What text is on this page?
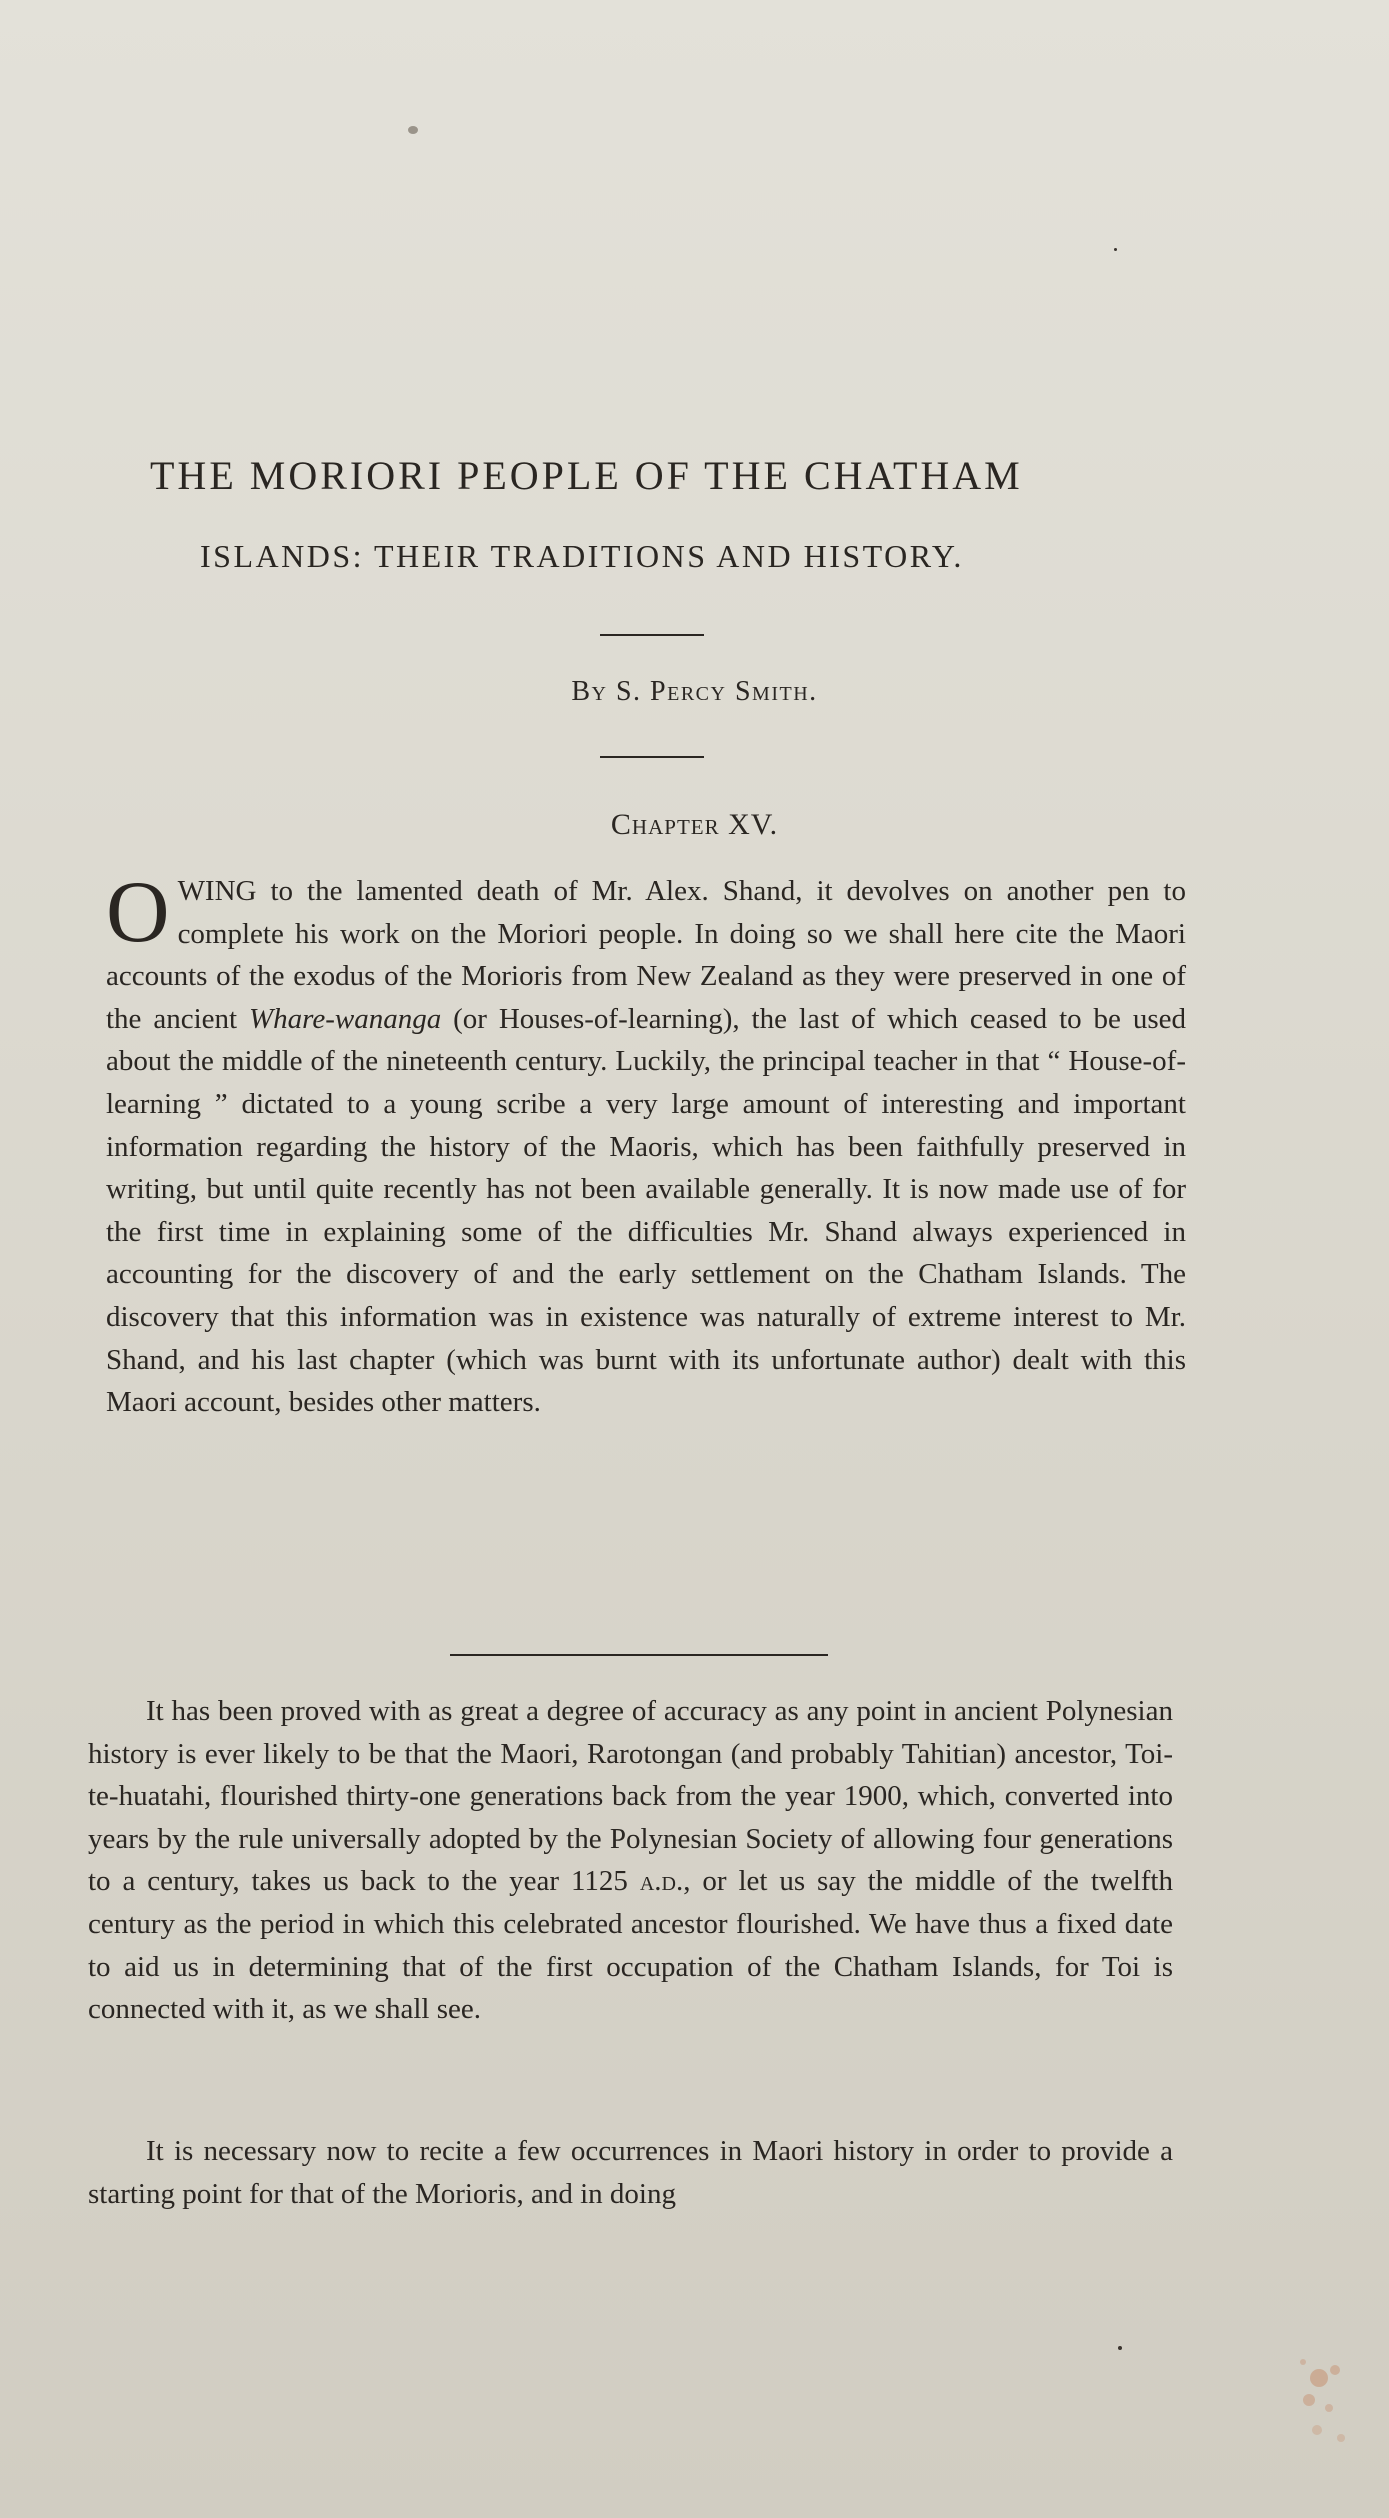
THE MORIORI PEOPLE OF THE CHATHAM
ISLANDS: THEIR TRADITIONS AND HISTORY.
By S. Percy Smith.
Chapter XV.

OWING to the lamented death of Mr. Alex. Shand, it devolves on another pen to complete his work on the Moriori people. In doing so we shall here cite the Maori accounts of the exodus of the Morioris from New Zealand as they were preserved in one of the ancient Whare-wananga (or Houses-of-learning), the last of which ceased to be used about the middle of the nineteenth century. Luckily, the principal teacher in that “ House-of-learning ” dictated to a young scribe a very large amount of interesting and important information regarding the history of the Maoris, which has been faithfully preserved in writing, but until quite recently has not been available generally. It is now made use of for the first time in explaining some of the difficulties Mr. Shand always experienced in accounting for the discovery of and the early settlement on the Chatham Islands. The discovery that this information was in existence was naturally of extreme interest to Mr. Shand, and his last chapter (which was burnt with its unfortunate author) dealt with this Maori account, besides other matters.

It has been proved with as great a degree of accuracy as any point in ancient Polynesian history is ever likely to be that the Maori, Rarotongan (and probably Tahitian) ancestor, Toi-te-huatahi, flourished thirty-one generations back from the year 1900, which, converted into years by the rule universally adopted by the Polynesian Society of allowing four generations to a century, takes us back to the year 1125 a.d., or let us say the middle of the twelfth century as the period in which this celebrated ancestor flourished. We have thus a fixed date to aid us in determining that of the first occupation of the Chatham Islands, for Toi is connected with it, as we shall see.

It is necessary now to recite a few occurrences in Maori history in order to provide a starting point for that of the Morioris, and in doing
